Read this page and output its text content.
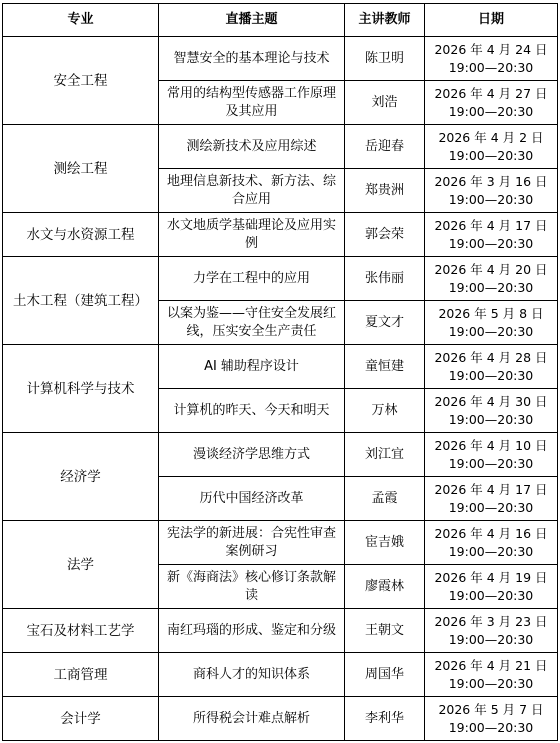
专业	直播主题	主讲教师	日期
安全工程	智慧安全的基本理论与技术	陈卫明	2026 年 4 月 24 日
19:00—20:30

	常用的结构型传感器工作原理及其应用	刘浩	2026 年 4 月 27 日
19:00—20:30

测绘工程	测绘新技术及应用综述	岳迎春	2026 年 4 月 2 日
19:00—20:30

	地理信息新技术、新方法、综合应用	郑贵洲	2026 年 3 月 16 日
19:00—20:30

水文与水资源工程	水文地质学基础理论及应用实例	郭会荣	2026 年 4 月 17 日
19:00—20:30

土木工程（建筑工程）	力学在工程中的应用	张伟丽	2026 年 4 月 20 日
19:00—20:30

	以案为鉴——守住安全发展红线，压实安全生产责任	夏文才	2026 年 5 月 8 日
19:00—20:30

计算机科学与技术	AI 辅助程序设计	童恒建	2026 年 4 月 28 日
19:00—20:30

	计算机的昨天、今天和明天	万林	2026 年 4 月 30 日
19:00—20:30

经济学	漫谈经济学思维方式	刘江宜	2026 年 4 月 10 日
19:00—20:30

	历代中国经济改革	孟霞	2026 年 4 月 17 日
19:00—20:30

法学	宪法学的新进展：合宪性审查案例研习	宦吉娥	2026 年 4 月 16 日
19:00—20:30

	新《海商法》核心修订条款解读	廖霞林	2026 年 4 月 19 日
19:00—20:30

宝石及材料工艺学	南红玛瑙的形成、鉴定和分级	王朝文	2026 年 3 月 23 日
19:00—20:30

工商管理	商科人才的知识体系	周国华	2026 年 4 月 21 日
19:00—20:30

会计学	所得税会计难点解析	李利华	2026 年 5 月 7 日
19:00—20:30
